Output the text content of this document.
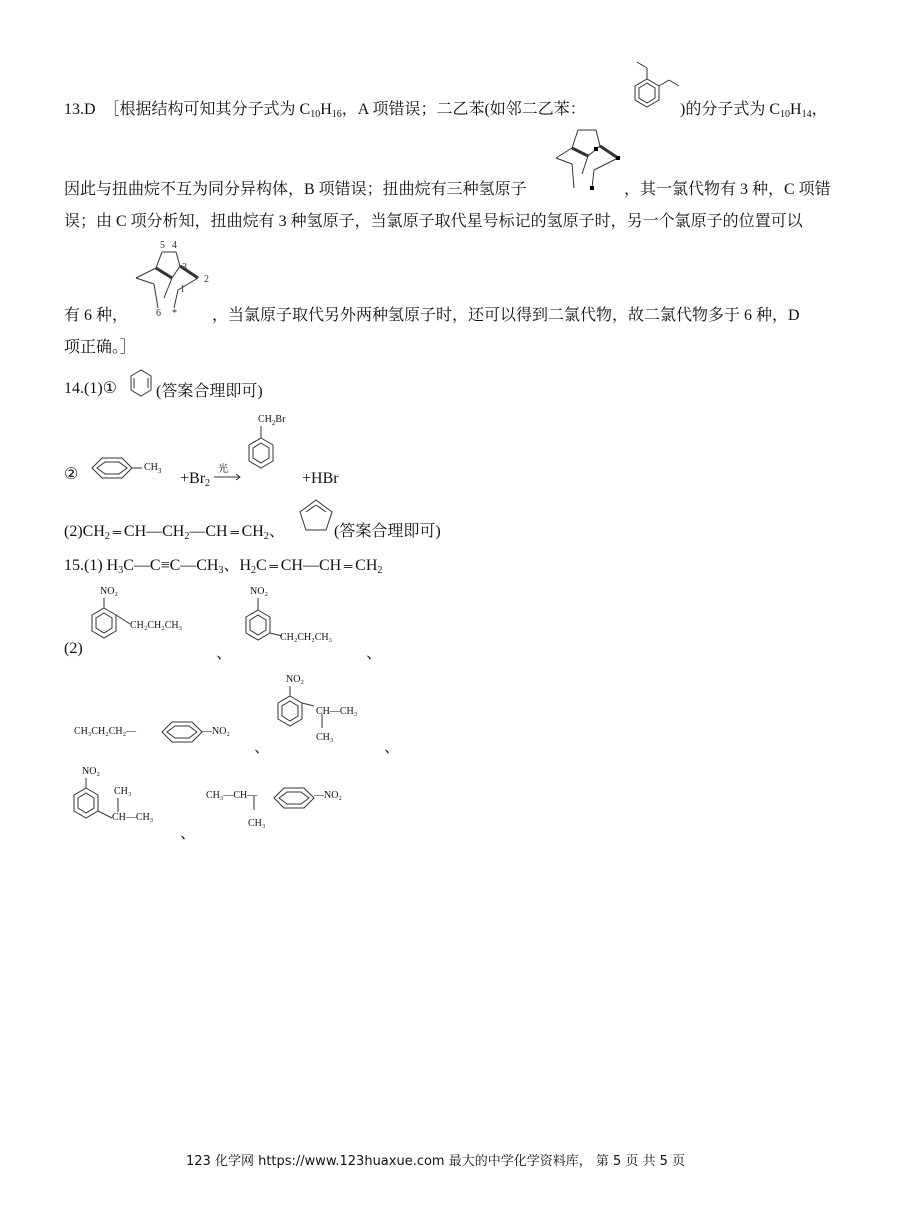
13.D　［根据结构可知其分子式为 $C_{10}H_{16}$，A 项错误；二乙苯(如邻二乙苯：	)的分子式为 $C_{10}H_{14}$，
因此与扭曲烷不互为同分异构体，B 项错误；扭曲烷有三种氢原子	，其一氯代物有 3 种，C 项错
误；由 C 项分析知，扭曲烷有 3 种氢原子，当氯原子取代星号标记的氢原子时，另一个氯原子的位置可以
5 4
3
2
1
6 *
有 6 种，	，当氯原子取代另外两种氢原子时，还可以得到二氯代物，故二氯代物多于 6 种，D
项正确。］
14.(1)① (答案合理即可)
②	$CH_3 +Br_2$
光
$CH_2Br$
+HBr
$(2)CH_2$ ═ $CH—CH_2—CH$ ═ $CH_2$、	(答案合理即可)
15.(1) $H_3C—C\equiv C—CH_3$、$H_2C$ ═ CH—CH ═ $CH_2$
(2)
NO₂
CH₂CH₂CH₃
、
NO₂
CH₂CH₂CH₃
、
CH₃CH₂CH₂—	—NO₂
、
NO₂
CH—CH₃
CH₃	、
NO₂
CH₃
CH—CH₃
、
CH₃—CH—
CH₃
—NO₂
123 化学网 https://www.123huaxue.com 最大的中学化学资料库， 第 5 页 共 5 页
